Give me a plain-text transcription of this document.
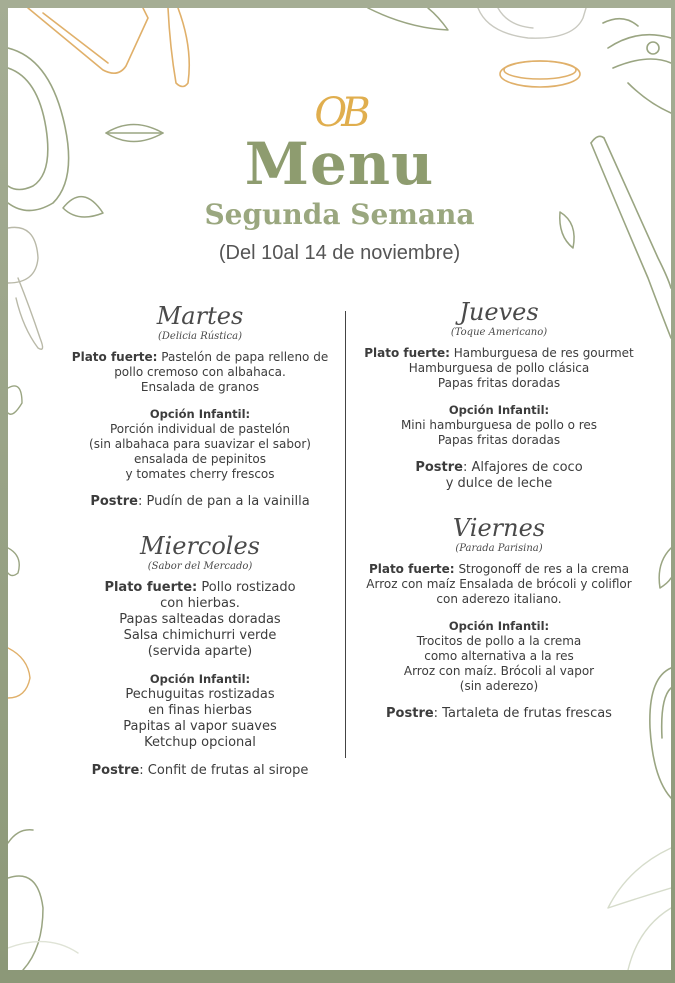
OB
Menu
Segunda Semana
(Del 10al 14 de noviembre)
Martes
(Delicia Rústica)
Plato fuerte: Pastelón de papa relleno de
pollo cremoso con albahaca.
Ensalada de granos
Opción Infantil:
Porción individual de pastelón
(sin albahaca para suavizar el sabor)
ensalada de pepinitos
y tomates cherry frescos
Postre: Pudín de pan a la vainilla
Miercoles
(Sabor del Mercado)
Plato fuerte: Pollo rostizado
con hierbas.
Papas salteadas doradas
Salsa chimichurri verde
(servida aparte)
Opción Infantil:
Pechuguitas rostizadas
en finas hierbas
Papitas al vapor suaves
Ketchup opcional
Postre: Confit de frutas al sirope
Jueves
(Toque Americano)
Plato fuerte: Hamburguesa de res gourmet
Hamburguesa de pollo clásica
Papas fritas doradas
Opción Infantil:
Mini hamburguesa de pollo o res
Papas fritas doradas
Postre: Alfajores de coco
y dulce de leche
Viernes
(Parada Parisina)
Plato fuerte: Strogonoff de res a la crema
Arroz con maíz Ensalada de brócoli y coliflor
con aderezo italiano.
Opción Infantil:
Trocitos de pollo a la crema
como alternativa a la res
Arroz con maíz. Brócoli al vapor
(sin aderezo)
Postre: Tartaleta de frutas frescas
